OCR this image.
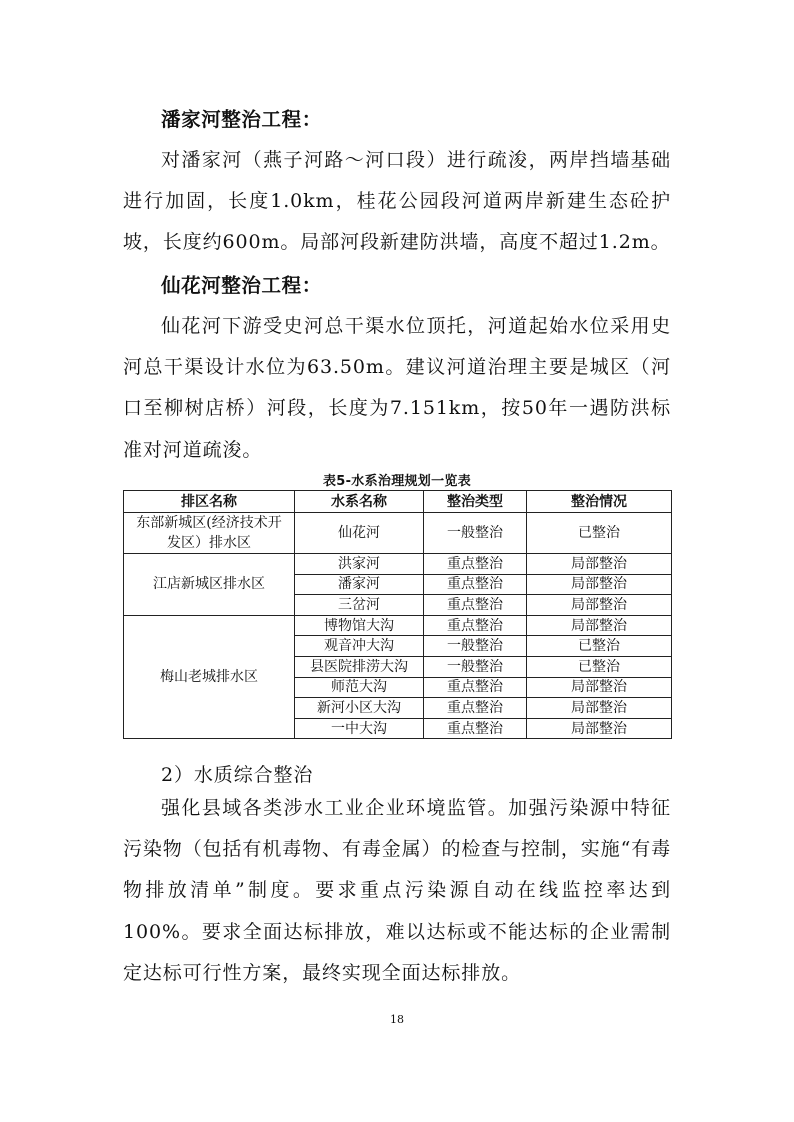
潘家河整治工程：
对潘家河（燕子河路～河口段）进行疏浚，两岸挡墙基础进行加固，长度1.0km，桂花公园段河道两岸新建生态砼护坡，长度约600m。局部河段新建防洪墙，高度不超过1.2m。
仙花河整治工程：
仙花河下游受史河总干渠水位顶托，河道起始水位采用史河总干渠设计水位为63.50m。建议河道治理主要是城区（河口至柳树店桥）河段，长度为7.151km，按50年一遇防洪标准对河道疏浚。
表5-水系治理规划一览表
排区名称	水系名称	整治类型	整治情况
东部新城区(经济技术开发区）排水区	仙花河	一般整治	已整治
江店新城区排水区	洪家河	重点整治	局部整治
	潘家河	重点整治	局部整治
	三岔河	重点整治	局部整治
梅山老城排水区	博物馆大沟	重点整治	局部整治
	观音冲大沟	一般整治	已整治
	县医院排涝大沟	一般整治	已整治
	师范大沟	重点整治	局部整治
	新河小区大沟	重点整治	局部整治
	一中大沟	重点整治	局部整治
2）水质综合整治
强化县域各类涉水工业企业环境监管。加强污染源中特征污染物（包括有机毒物、有毒金属）的检查与控制，实施“有毒物排放清单”制度。要求重点污染源自动在线监控率达到100%。要求全面达标排放，难以达标或不能达标的企业需制定达标可行性方案，最终实现全面达标排放。
18
